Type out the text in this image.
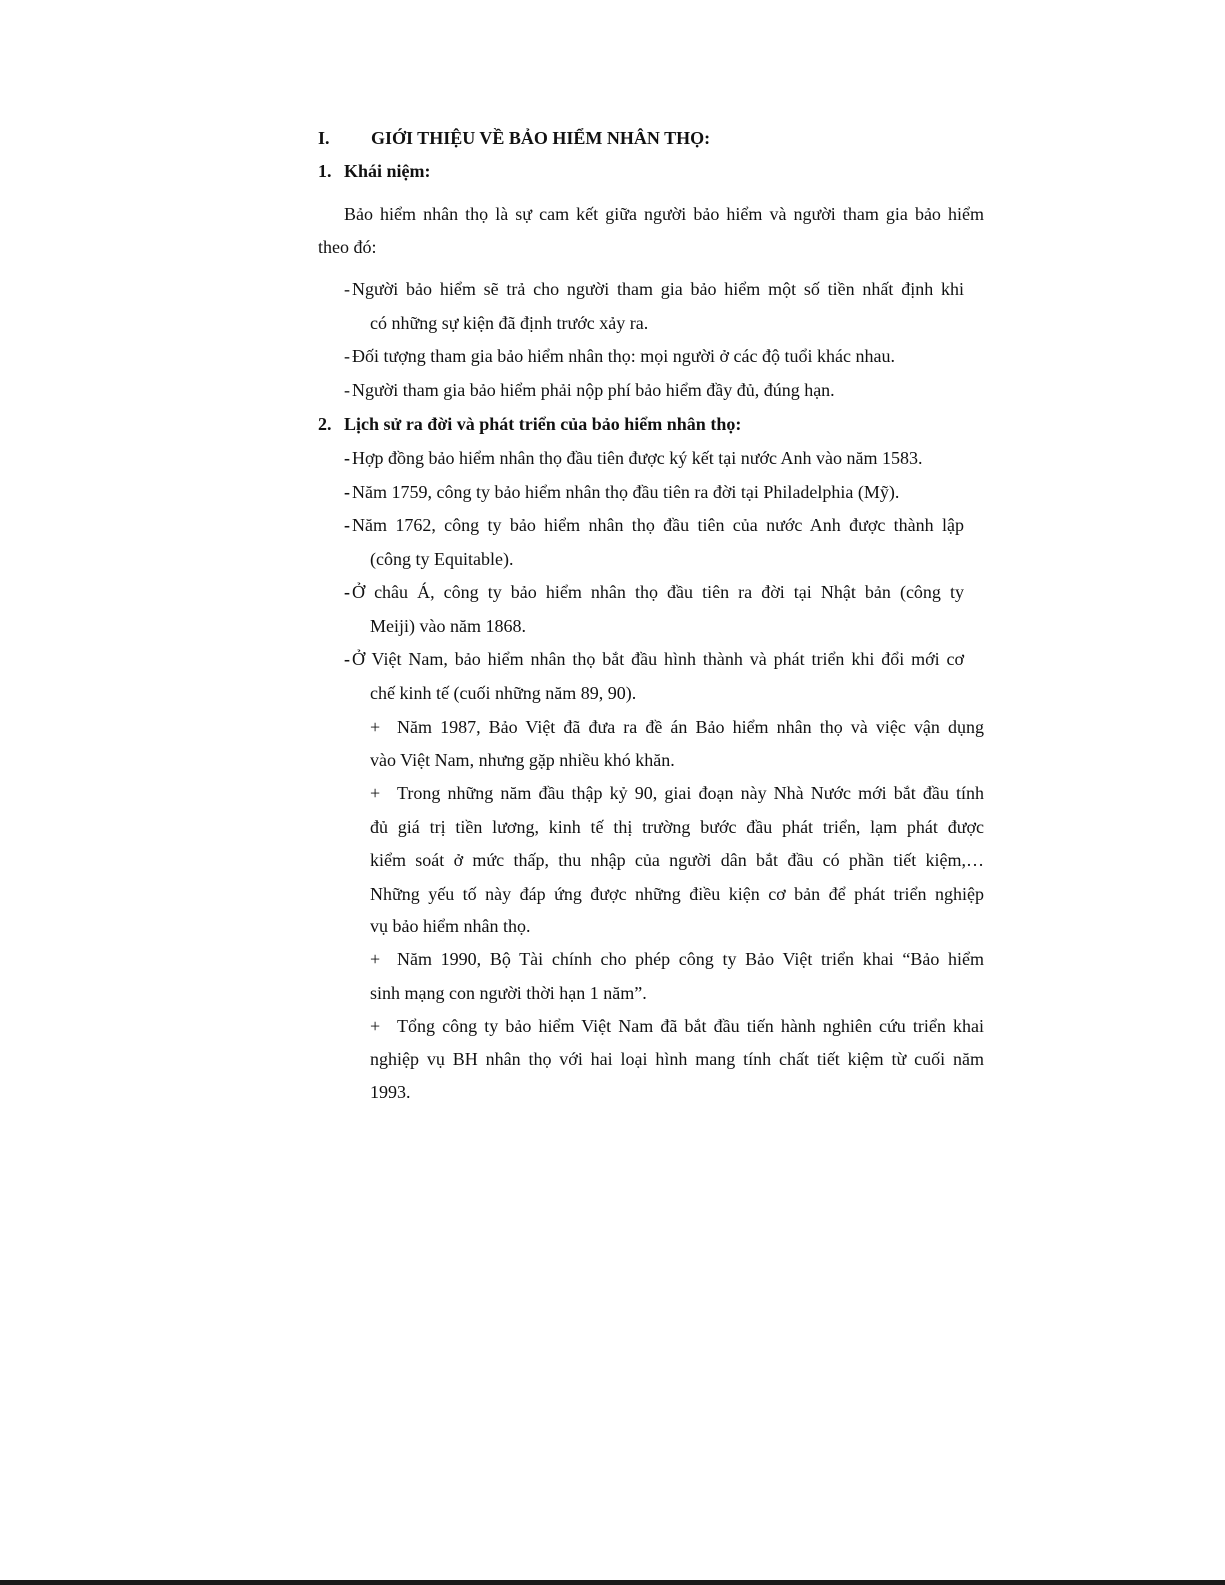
I. GIỚI THIỆU VỀ BẢO HIỂM NHÂN THỌ:
1. Khái niệm:
Bảo hiểm nhân thọ là sự cam kết giữa người bảo hiểm và người tham gia bảo hiểm
theo đó:
- Người bảo hiểm sẽ trả cho người tham gia bảo hiểm một số tiền nhất định khi
có những sự kiện đã định trước xảy ra.
- Đối tượng tham gia bảo hiểm nhân thọ: mọi người ở các độ tuổi khác nhau.
- Người tham gia bảo hiểm phải nộp phí bảo hiểm đầy đủ, đúng hạn.
2. Lịch sử ra đời và phát triển của bảo hiểm nhân thọ:
- Hợp đồng bảo hiểm nhân thọ đầu tiên được ký kết tại nước Anh vào năm 1583.
- Năm 1759, công ty bảo hiểm nhân thọ đầu tiên ra đời tại Philadelphia (Mỹ).
- Năm 1762, công ty bảo hiểm nhân thọ đầu tiên của nước Anh được thành lập
(công ty Equitable).
- Ở châu Á, công ty bảo hiểm nhân thọ đầu tiên ra đời tại Nhật bản (công ty
Meiji) vào năm 1868.
- Ở Việt Nam, bảo hiểm nhân thọ bắt đầu hình thành và phát triển khi đổi mới cơ
chế kinh tế (cuối những năm 89, 90).
+ Năm 1987, Bảo Việt đã đưa ra đề án Bảo hiểm nhân thọ và việc vận dụng
vào Việt Nam, nhưng gặp nhiều khó khăn.
+ Trong những năm đầu thập kỷ 90, giai đoạn này Nhà Nước mới bắt đầu tính
đủ giá trị tiền lương, kinh tế thị trường bước đầu phát triển, lạm phát được
kiểm soát ở mức thấp, thu nhập của người dân bắt đầu có phần tiết kiệm,…
Những yếu tố này đáp ứng được những điều kiện cơ bản để phát triển nghiệp
vụ bảo hiểm nhân thọ.
+ Năm 1990, Bộ Tài chính cho phép công ty Bảo Việt triển khai “Bảo hiểm
sinh mạng con người thời hạn 1 năm”.
+ Tổng công ty bảo hiểm Việt Nam đã bắt đầu tiến hành nghiên cứu triển khai
nghiệp vụ BH nhân thọ với hai loại hình mang tính chất tiết kiệm từ cuối năm
1993.
